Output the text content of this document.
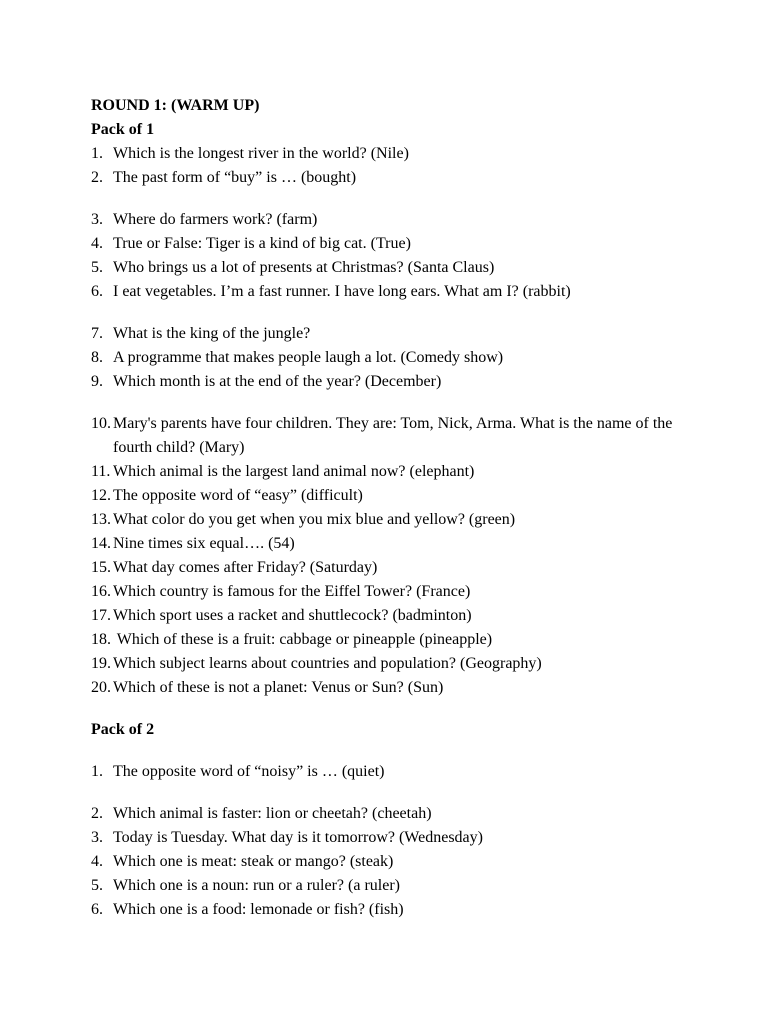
ROUND 1: (WARM UP)
Pack of 1
1. Which is the longest river in the world? (Nile)
2. The past form of “buy” is … (bought)
3. Where do farmers work? (farm)
4. True or False: Tiger is a kind of big cat. (True)
5. Who brings us a lot of presents at Christmas? (Santa Claus)
6. I eat vegetables. I’m a fast runner. I have long ears. What am I? (rabbit)
7. What is the king of the jungle?
8. A programme that makes people laugh a lot. (Comedy show)
9. Which month is at the end of the year? (December)
10. Mary's parents have four children. They are: Tom, Nick, Arma. What is the name of the fourth child? (Mary)
11. Which animal is the largest land animal now? (elephant)
12. The opposite word of “easy” (difficult)
13. What color do you get when you mix blue and yellow? (green)
14. Nine times six equal…. (54)
15. What day comes after Friday? (Saturday)
16. Which country is famous for the Eiffel Tower? (France)
17. Which sport uses a racket and shuttlecock? (badminton)
18. Which of these is a fruit: cabbage or pineapple (pineapple)
19. Which subject learns about countries and population? (Geography)
20. Which of these is not a planet: Venus or Sun? (Sun)
Pack of 2
1. The opposite word of “noisy” is … (quiet)
2. Which animal is faster: lion or cheetah? (cheetah)
3. Today is Tuesday. What day is it tomorrow? (Wednesday)
4. Which one is meat: steak or mango? (steak)
5. Which one is a noun: run or a ruler? (a ruler)
6. Which one is a food: lemonade or fish? (fish)
